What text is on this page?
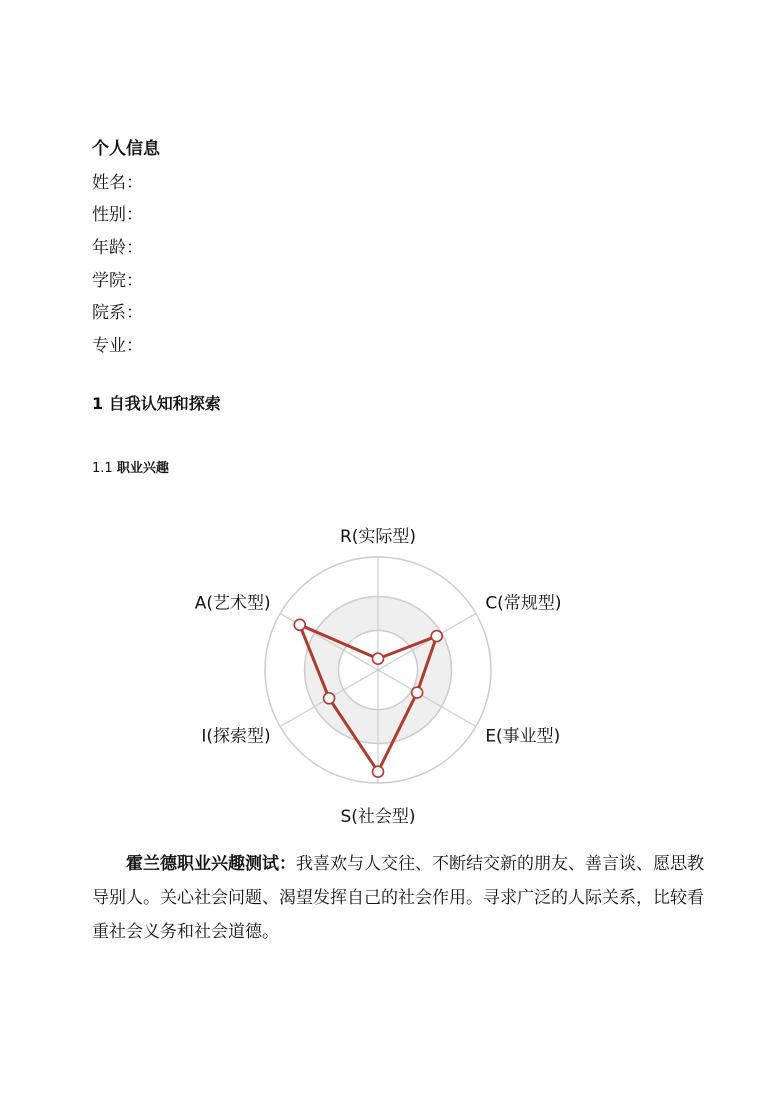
个人信息
姓名：
性别：
年龄：
学院：
院系：
专业：
1 自我认知和探索
1.1 职业兴趣
R(实际型)
C(常规型)
E(事业型)
S(社会型)
I(探索型)
A(艺术型)
霍兰德职业兴趣测试：我喜欢与人交往、不断结交新的朋友、善言谈、愿思教导别人。关心社会问题、渴望发挥自己的社会作用。寻求广泛的人际关系，比较看重社会义务和社会道德。
